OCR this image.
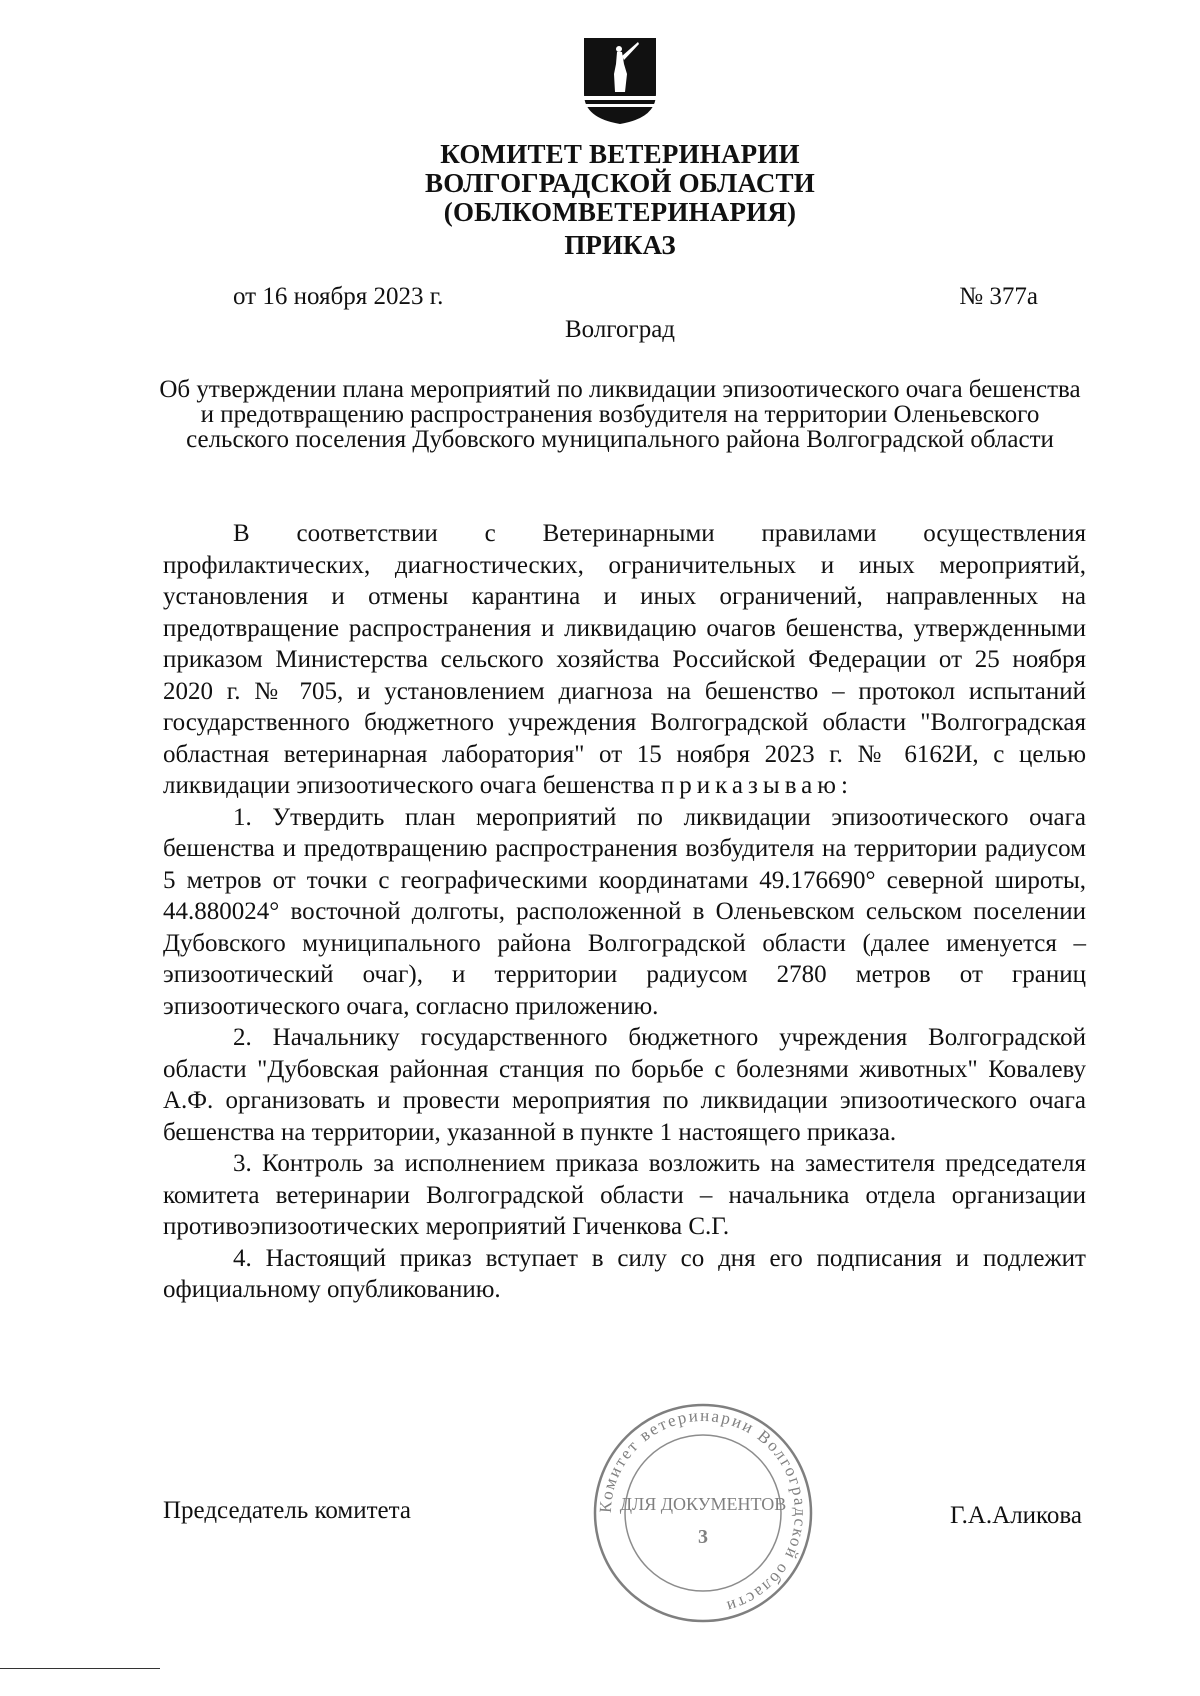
КОМИТЕТ ВЕТЕРИНАРИИ
ВОЛГОГРАДСКОЙ ОБЛАСТИ
(ОБЛКОМВЕТЕРИНАРИЯ)
ПРИКАЗ
от 16 ноября 2023 г.	№ 377а
Волгоград
Об утверждении плана мероприятий по ликвидации эпизоотического очага бешенства и предотвращению распространения возбудителя на территории Оленьевского сельского поселения Дубовского муниципального района Волгоградской области

В соответствии с Ветеринарными правилами осуществления профилактических, диагностических, ограничительных и иных мероприятий, установления и отмены карантина и иных ограничений, направленных на предотвращение распространения и ликвидацию очагов бешенства, утвержденными приказом Министерства сельского хозяйства Российской Федерации от 25 ноября 2020 г. № 705, и установлением диагноза на бешенство – протокол испытаний государственного бюджетного учреждения Волгоградской области "Волгоградская областная ветеринарная лаборатория" от 15 ноября 2023 г. № 6162И, с целью ликвидации эпизоотического очага бешенства приказываю:

1. Утвердить план мероприятий по ликвидации эпизоотического очага бешенства и предотвращению распространения возбудителя на территории радиусом 5 метров от точки с географическими координатами 49.176690° северной широты, 44.880024° восточной долготы, расположенной в Оленьевском сельском поселении Дубовского муниципального района Волгоградской области (далее именуется – эпизоотический очаг), и территории радиусом 2780 метров от границ эпизоотического очага, согласно приложению.

2. Начальнику государственного бюджетного учреждения Волгоградской области "Дубовская районная станция по борьбе с болезнями животных" Ковалеву А.Ф. организовать и провести мероприятия по ликвидации эпизоотического очага бешенства на территории, указанной в пункте 1 настоящего приказа.

3. Контроль за исполнением приказа возложить на заместителя председателя комитета ветеринарии Волгоградской области – начальника отдела организации противоэпизоотических мероприятий Гиченкова С.Г.

4. Настоящий приказ вступает в силу со дня его подписания и подлежит официальному опубликованию.

Председатель комитета	Г.А.Аликова
Комитет ветеринарии Волгоградской области
ДЛЯ ДОКУМЕНТОВ
3
